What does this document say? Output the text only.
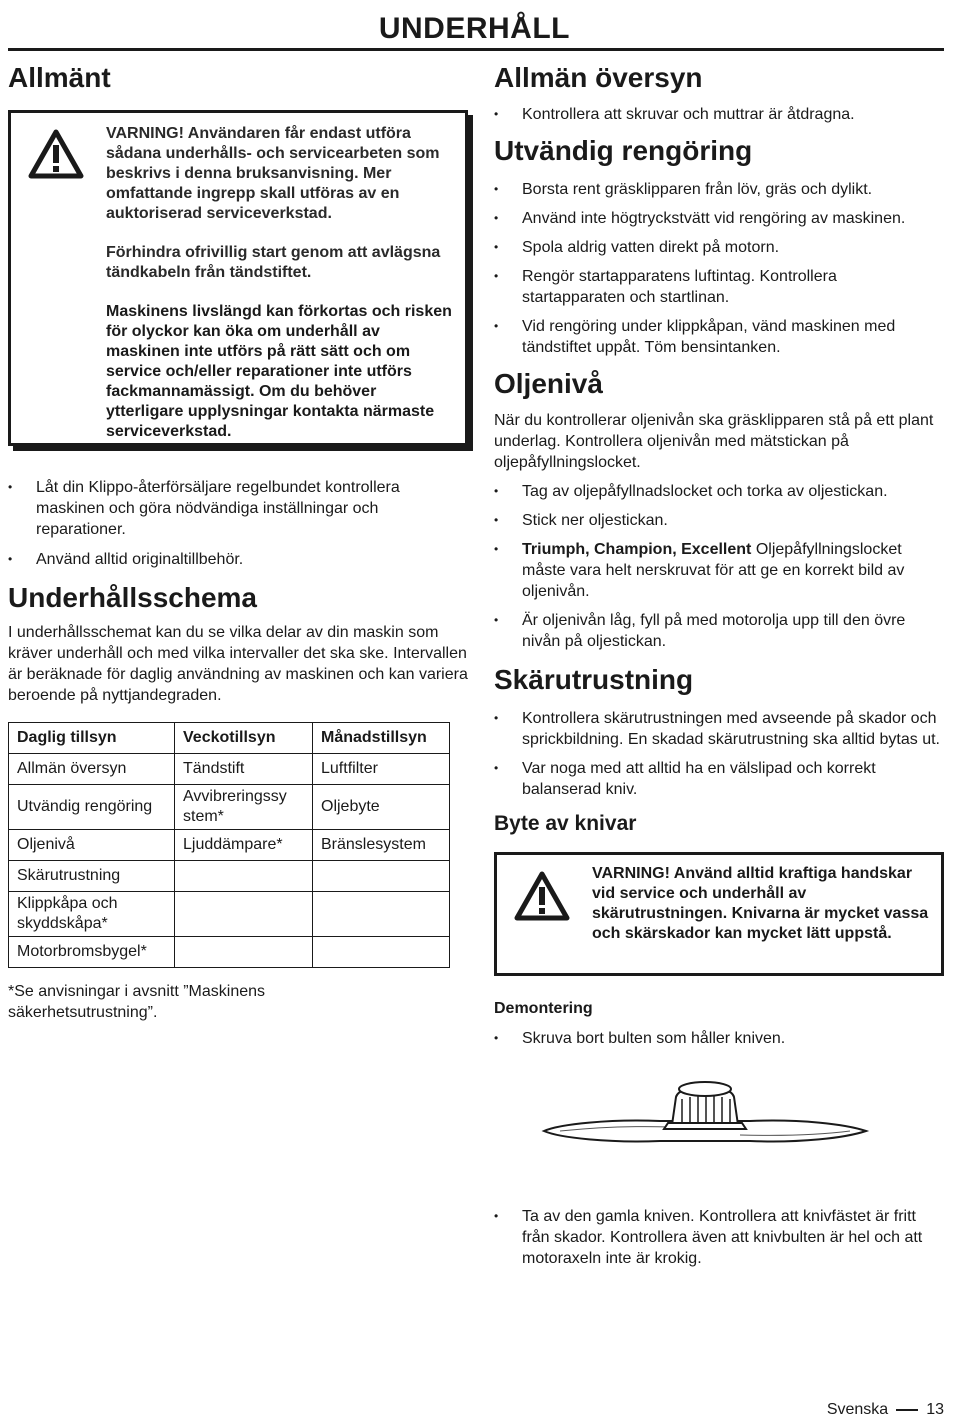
UNDERHÅLL
Allmänt

VARNING! Användaren får endast utföra sådana underhålls- och servicearbeten som beskrivs i denna bruksanvisning. Mer omfattande ingrepp skall utföras av en auktoriserad serviceverkstad.

Förhindra ofrivillig start genom att avlägsna tändkabeln från tändstiftet.

Maskinens livslängd kan förkortas och risken för olyckor kan öka om underhåll av maskinen inte utförs på rätt sätt och om service och/eller reparationer inte utförs fackmannamässigt. Om du behöver ytterligare upplysningar kontakta närmaste serviceverkstad.

• Låt din Klippo-återförsäljare regelbundet kontrollera maskinen och göra nödvändiga inställningar och reparationer.
• Använd alltid originaltillbehör.
Underhållsschema

I underhållsschemat kan du se vilka delar av din maskin som kräver underhåll och med vilka intervaller det ska ske. Intervallen är beräknade för daglig användning av maskinen och kan variera beroende på nyttjandegraden.

Daglig tillsyn	Veckotillsyn	Månadstillsyn
Allmän översyn	Tändstift	Luftfilter
Utvändig rengöring	Avvibreringssy stem*	Oljebyte
Oljenivå	Ljuddämpare*	Bränslesystem
Skärutrustning		
Klippkåpa och skyddskåpa*		
Motorbromsbygel*		

*Se anvisningar i avsnitt ”Maskinens säkerhetsutrustning”.

Allmän översyn
• Kontrollera att skruvar och muttrar är åtdragna.
Utvändig rengöring
• Borsta rent gräsklipparen från löv, gräs och dylikt.
• Använd inte högtryckstvätt vid rengöring av maskinen.
• Spola aldrig vatten direkt på motorn.
• Rengör startapparatens luftintag. Kontrollera startapparaten och startlinan.
• Vid rengöring under klippkåpan, vänd maskinen med tändstiftet uppåt. Töm bensintanken.
Oljenivå

När du kontrollerar oljenivån ska gräsklipparen stå på ett plant underlag. Kontrollera oljenivån med mätstickan på oljepåfyllningslocket.

• Tag av oljepåfyllnadslocket och torka av oljestickan.
• Stick ner oljestickan.
• Triumph, Champion, Excellent Oljepåfyllningslocket måste vara helt nerskruvat för att ge en korrekt bild av oljenivån.
• Är oljenivån låg, fyll på med motorolja upp till den övre nivån på oljestickan.
Skärutrustning
• Kontrollera skärutrustningen med avseende på skador och sprickbildning. En skadad skärutrustning ska alltid bytas ut.
• Var noga med att alltid ha en välslipad och korrekt balanserad kniv.
Byte av knivar
VARNING! Använd alltid kraftiga handskar vid service och underhåll av skärutrustningen. Knivarna är mycket vassa och skärskador kan mycket lätt uppstå.
Demontering
• Skruva bort bulten som håller kniven.
• Ta av den gamla kniven. Kontrollera att knivfästet är fritt från skador. Kontrollera även att knivbulten är hel och att motoraxeln inte är krokig.
Svenska 13
